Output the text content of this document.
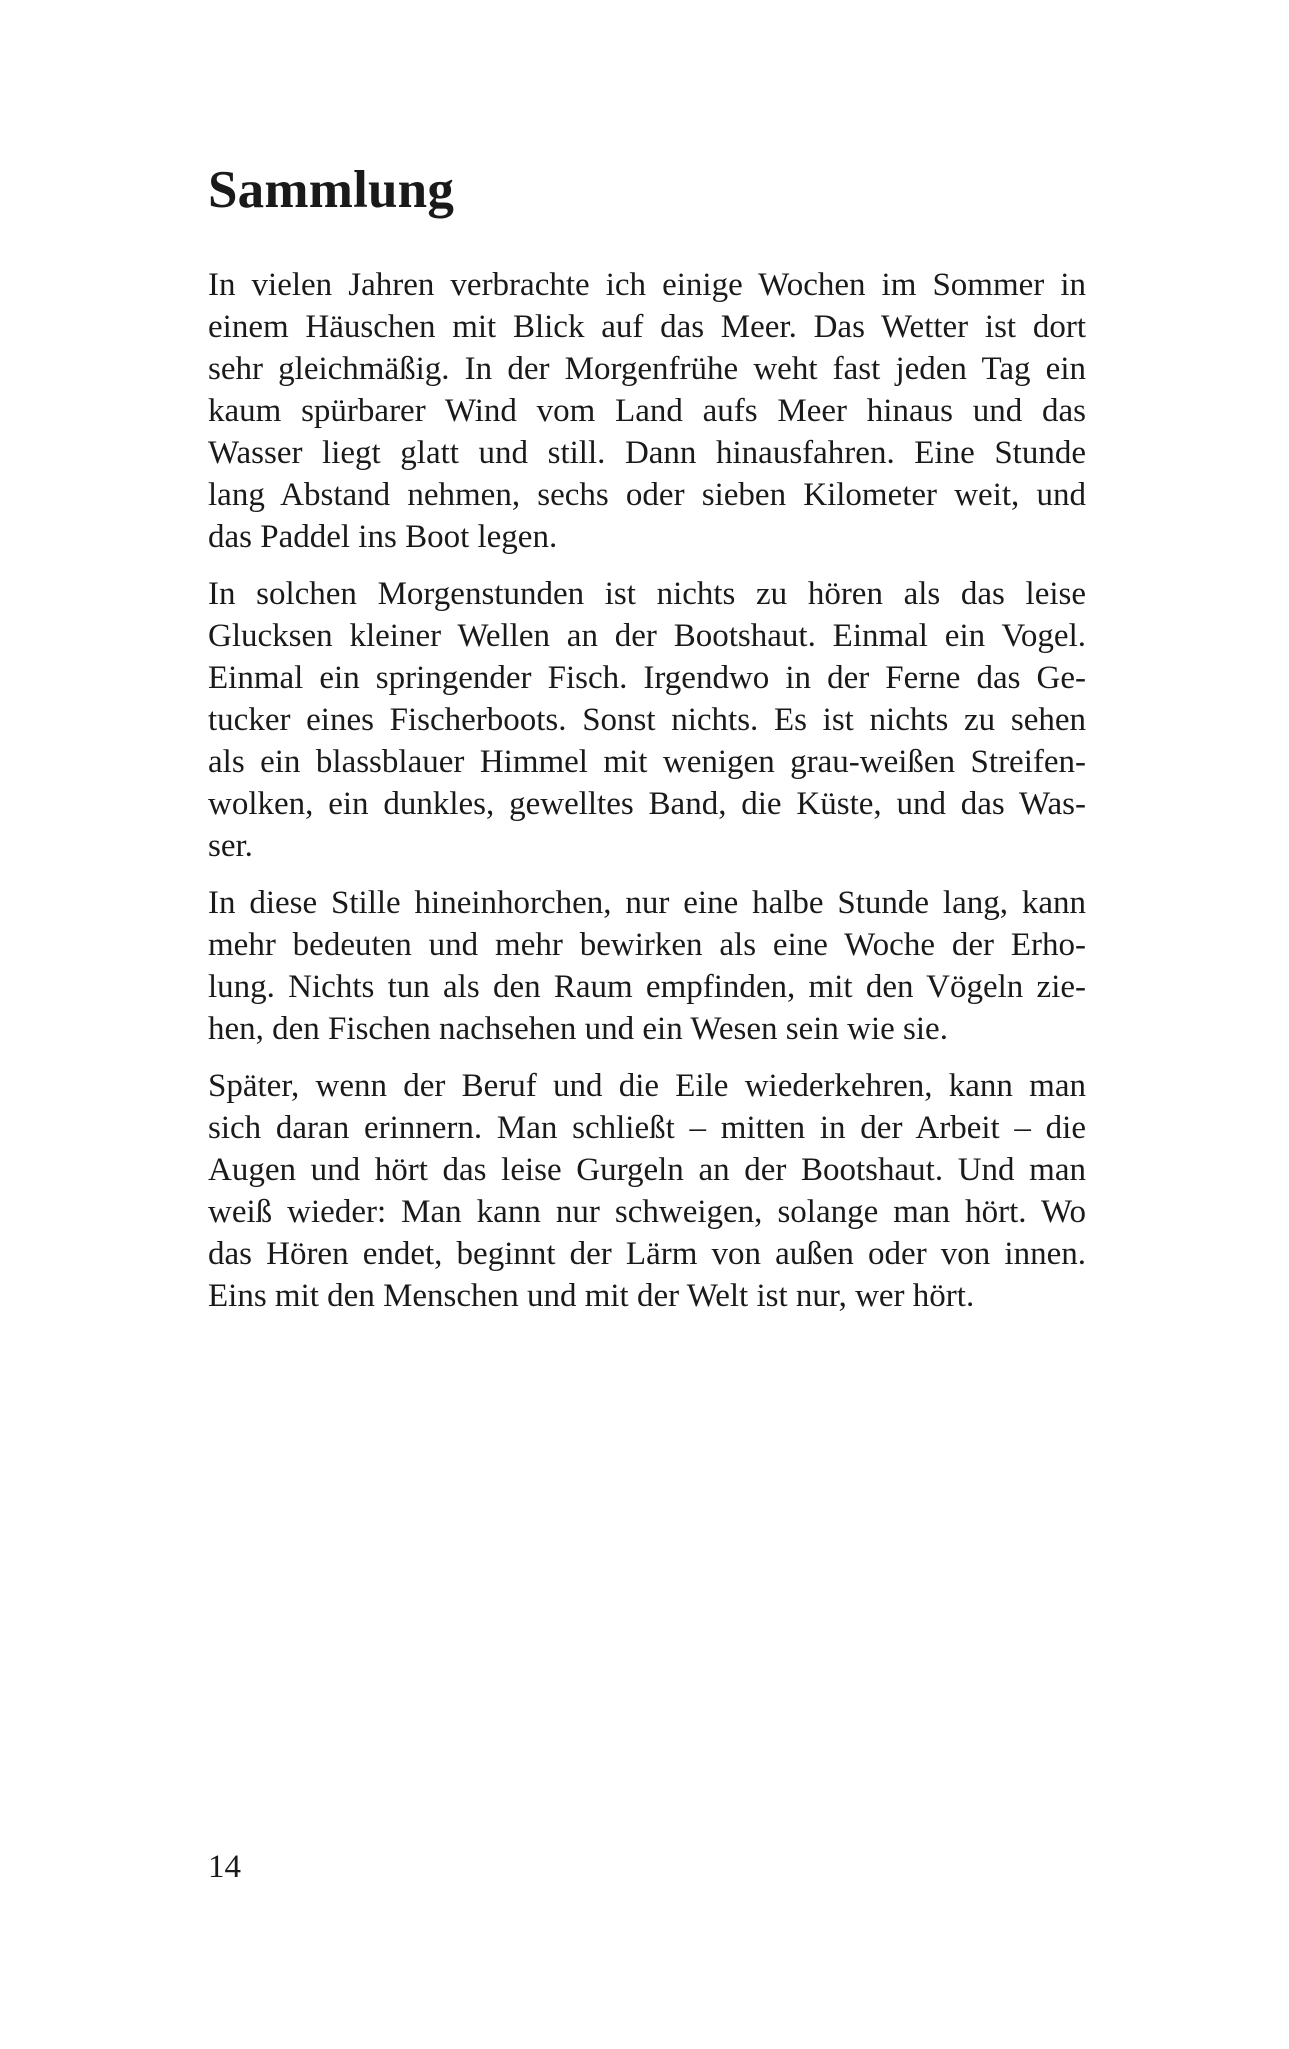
Sammlung

In vielen Jahren verbrachte ich einige Wochen im Sommer in
einem Häuschen mit Blick auf das Meer. Das Wetter ist dort
sehr gleichmäßig. In der Morgenfrühe weht fast jeden Tag ein
kaum spürbarer Wind vom Land aufs Meer hinaus und das
Wasser liegt glatt und still. Dann hinausfahren. Eine Stunde
lang Abstand nehmen, sechs oder sieben Kilometer weit, und
das Paddel ins Boot legen.

In solchen Morgenstunden ist nichts zu hören als das leise
Glucksen kleiner Wellen an der Bootshaut. Einmal ein Vogel.
Einmal ein springender Fisch. Irgendwo in der Ferne das Ge-
tucker eines Fischerboots. Sonst nichts. Es ist nichts zu sehen
als ein blassblauer Himmel mit wenigen grau-weißen Streifen-
wolken, ein dunkles, gewelltes Band, die Küste, und das Was-
ser.

In diese Stille hineinhorchen, nur eine halbe Stunde lang, kann
mehr bedeuten und mehr bewirken als eine Woche der Erho-
lung. Nichts tun als den Raum empfinden, mit den Vögeln zie-
hen, den Fischen nachsehen und ein Wesen sein wie sie.

Später, wenn der Beruf und die Eile wiederkehren, kann man
sich daran erinnern. Man schließt – mitten in der Arbeit – die
Augen und hört das leise Gurgeln an der Bootshaut. Und man
weiß wieder: Man kann nur schweigen, solange man hört. Wo
das Hören endet, beginnt der Lärm von außen oder von innen.
Eins mit den Menschen und mit der Welt ist nur, wer hört.

14
